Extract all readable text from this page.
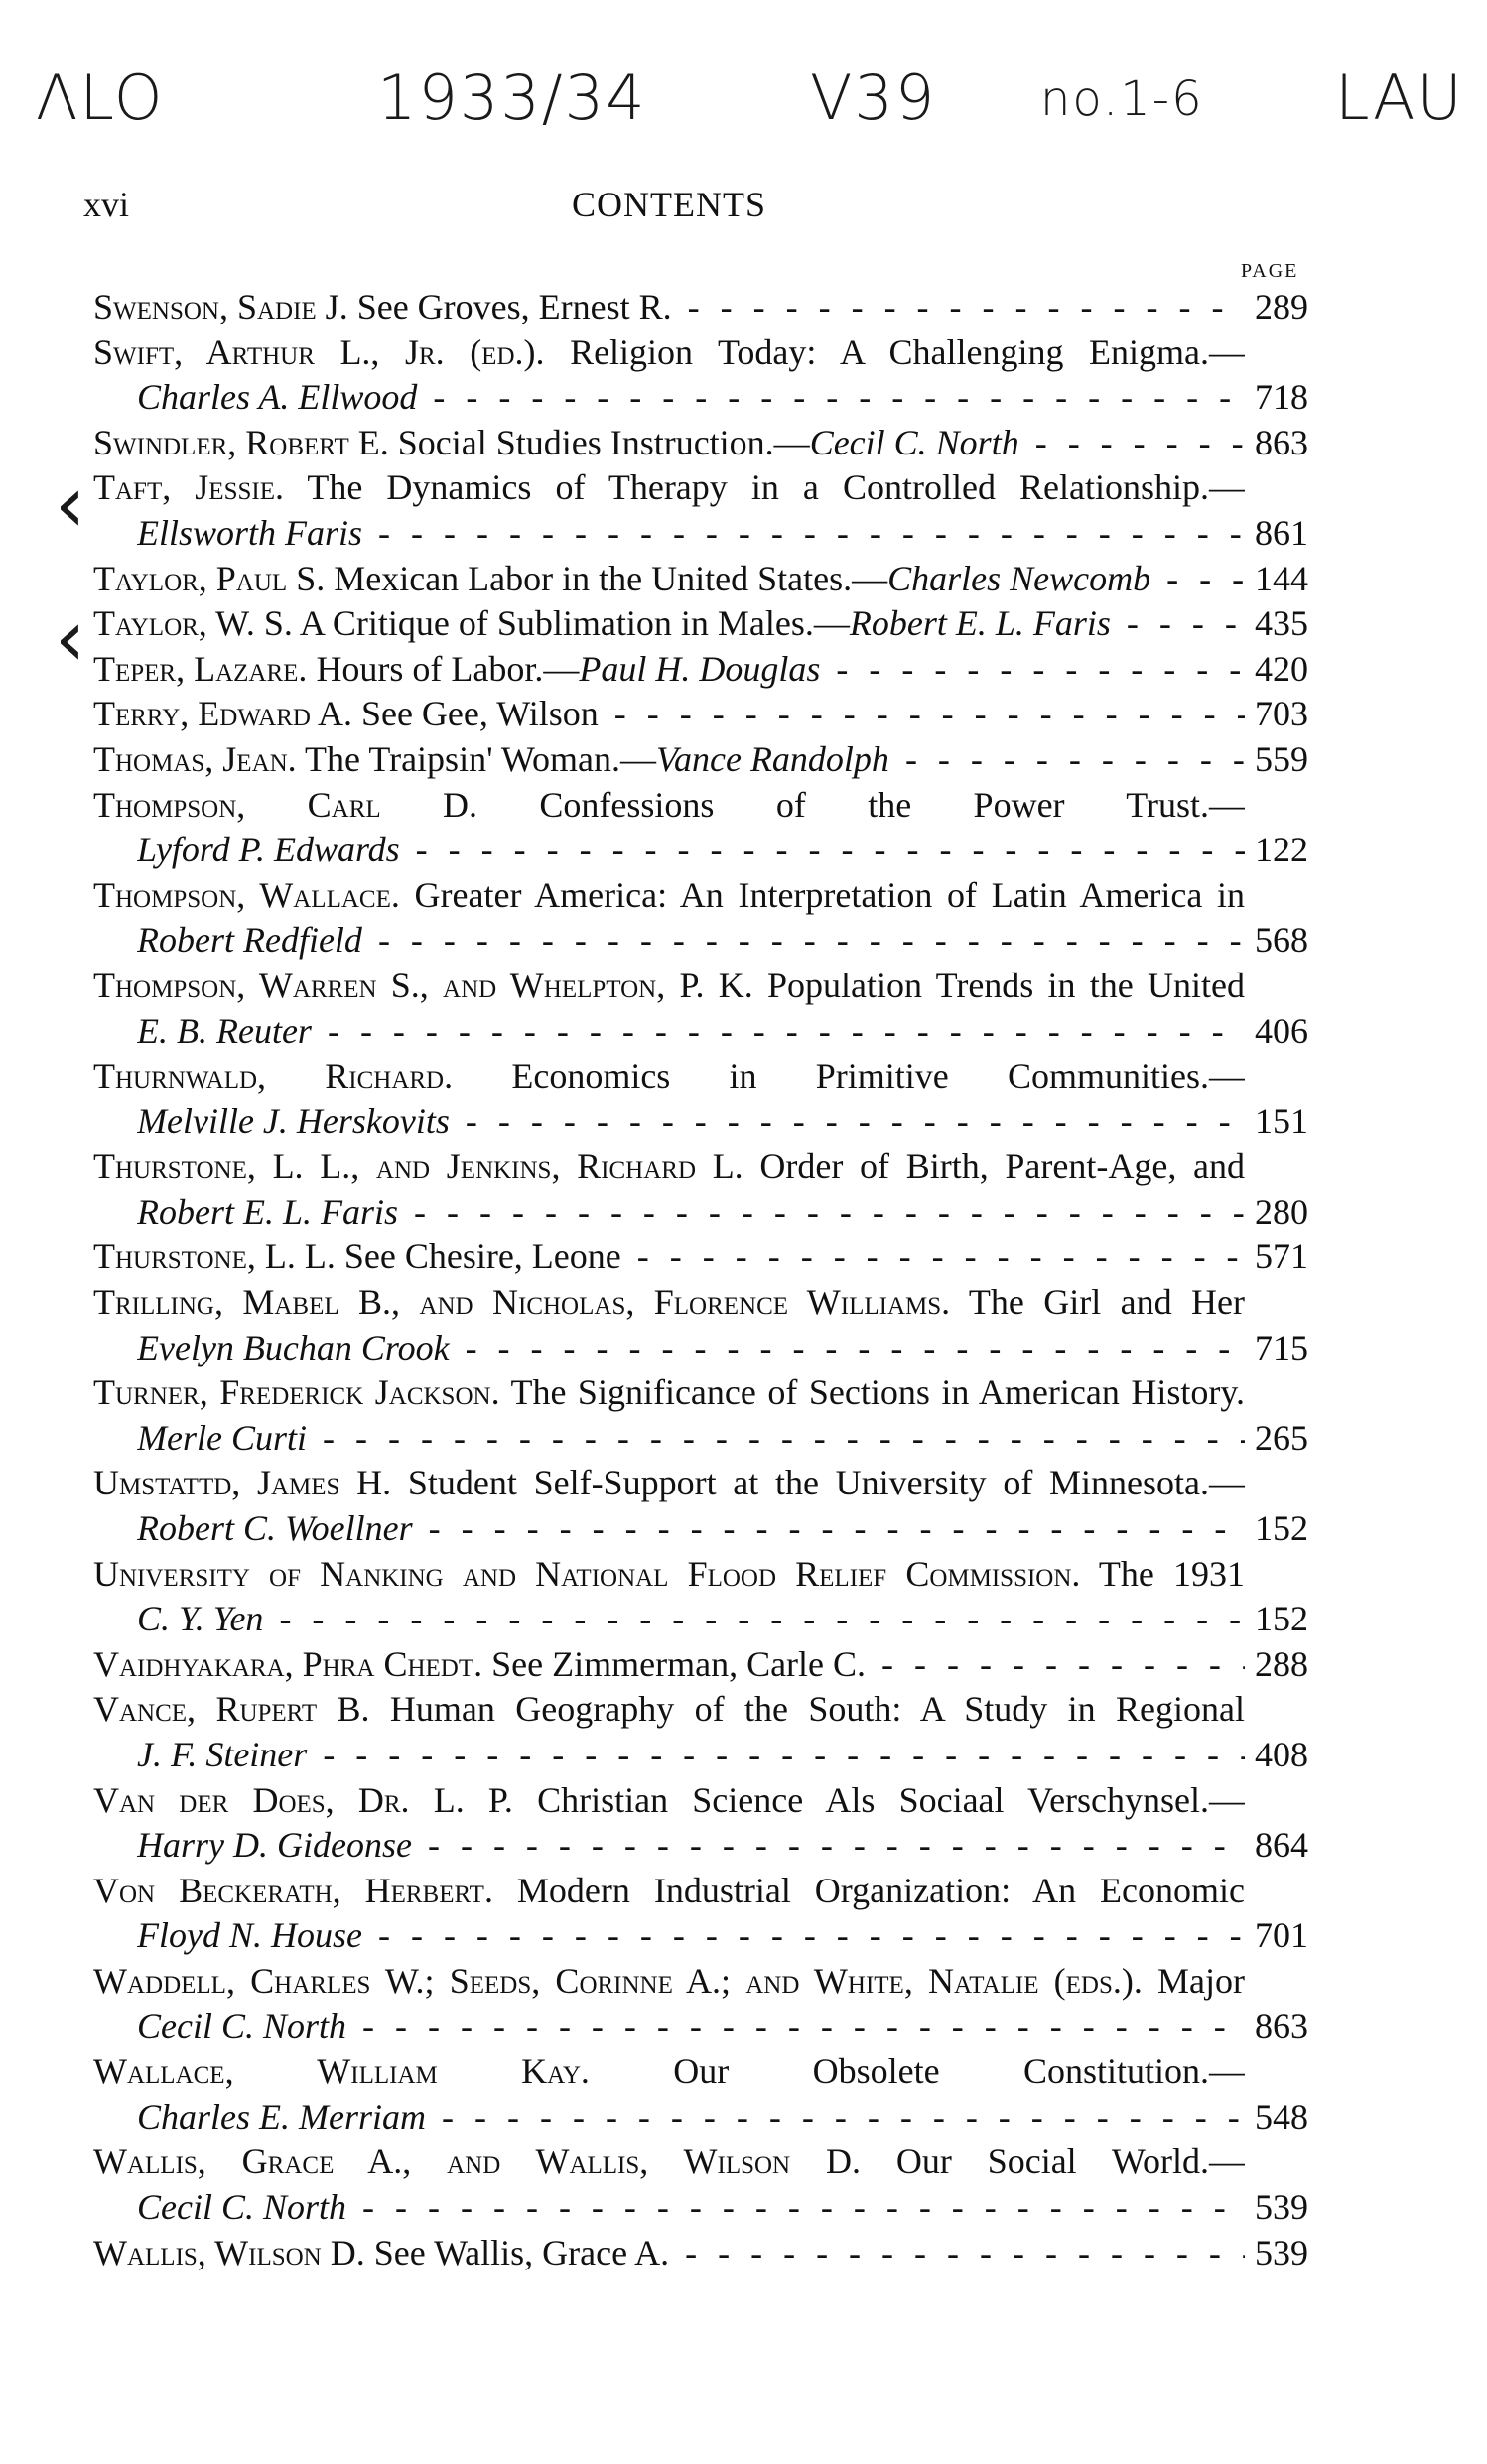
ΛLO	1933/34	V39 no.1-6 LAU
‹
‹
xvi	CONTENTS
PAGE
Swenson, Sadie J. See Groves, Ernest R. - -	289
Swift, Arthur L., Jr. (ed.). Religion Today: A Challenging Enigma.—
Charles A. Ellwood - -	718
Swindler, Robert E. Social Studies Instruction.—Cecil C. North - -	863
Taft, Jessie. The Dynamics of Therapy in a Controlled Relationship.—
Ellsworth Faris - -	861
Taylor, Paul S. Mexican Labor in the United States.—Charles Newcomb - -	144
Taylor, W. S. A Critique of Sublimation in Males.—Robert E. L. Faris - -	435
Teper, Lazare. Hours of Labor.—Paul H. Douglas - -	420
Terry, Edward A. See Gee, Wilson - -	703
Thomas, Jean. The Traipsin' Woman.—Vance Randolph - -	559
Thompson, Carl D. Confessions of the Power Trust.—
Lyford P. Edwards - -	122
Thompson, Wallace. Greater America: An Interpretation of Latin America in
Robert Redfield - -	568
Thompson, Warren S., and Whelpton, P. K. Population Trends in the United
E. B. Reuter - -	406
Thurnwald, Richard. Economics in Primitive Communities.—
Melville J. Herskovits - -	151
Thurstone, L. L., and Jenkins, Richard L. Order of Birth, Parent-Age, and
Robert E. L. Faris - -	280
Thurstone, L. L. See Chesire, Leone - -	571
Trilling, Mabel B., and Nicholas, Florence Williams. The Girl and Her
Evelyn Buchan Crook - -	715
Turner, Frederick Jackson. The Significance of Sections in American History.
Merle Curti - -	265
Umstattd, James H. Student Self-Support at the University of Minnesota.—
Robert C. Woellner - -	152
University of Nanking and National Flood Relief Commission. The 1931
C. Y. Yen - -	152
Vaidhyakara, Phra Chedt. See Zimmerman, Carle C. - -	288
Vance, Rupert B. Human Geography of the South: A Study in Regional
J. F. Steiner - -	408
Van der Does, Dr. L. P. Christian Science Als Sociaal Verschynsel.—
Harry D. Gideonse - -	864
Von Beckerath, Herbert. Modern Industrial Organization: An Economic
Floyd N. House - -	701
Waddell, Charles W.; Seeds, Corinne A.; and White, Natalie (eds.). Major
Cecil C. North - -	863
Wallace, William Kay. Our Obsolete Constitution.—
Charles E. Merriam - -	548
Wallis, Grace A., and Wallis, Wilson D. Our Social World.—
Cecil C. North - -	539
Wallis, Wilson D. See Wallis, Grace A. - -	539
